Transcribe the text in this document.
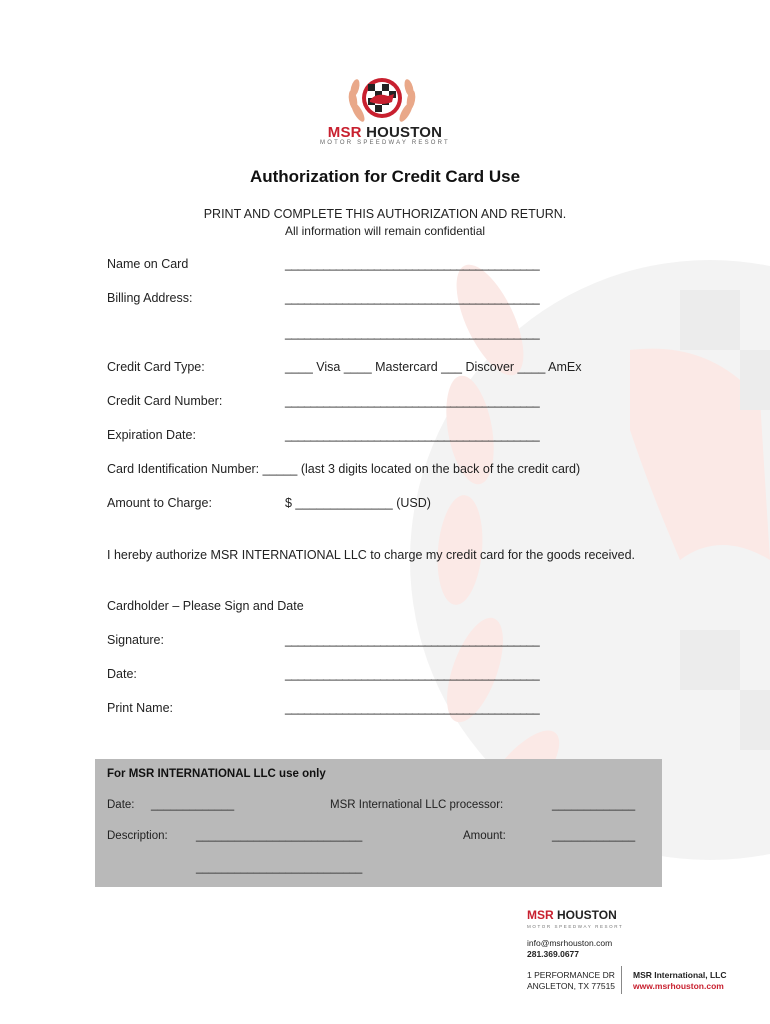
MSR HOUSTON
MOTOR SPEEDWAY RESORT
Authorization for Credit Card Use
PRINT AND COMPLETE THIS AUTHORIZATION AND RETURN.
All information will remain confidential
Name on Card	________________________________________
Billing Address:	________________________________________
________________________________________
Credit Card Type:	____ Visa ____ Mastercard ___ Discover ____ AmEx
Credit Card Number:	________________________________________
Expiration Date:	________________________________________
Card Identification Number: _____ (last 3 digits located on the back of the credit card)
Amount to Charge:	$ ______________ (USD)
I hereby authorize MSR INTERNATIONAL LLC to charge my credit card for the goods received.
Cardholder – Please Sign and Date
Signature:	________________________________________
Date:	________________________________________
Print Name:	________________________________________
For MSR INTERNATIONAL LLC use only
Date: _____________	MSR International LLC processor:	_____________
Description: __________________________	Amount:	_____________
__________________________
MSR HOUSTON
MOTOR SPEEDWAY RESORT
info@msrhouston.com
281.369.0677
1 PERFORMANCE DR
ANGLETON, TX 77515
MSR International, LLC
www.msrhouston.com
